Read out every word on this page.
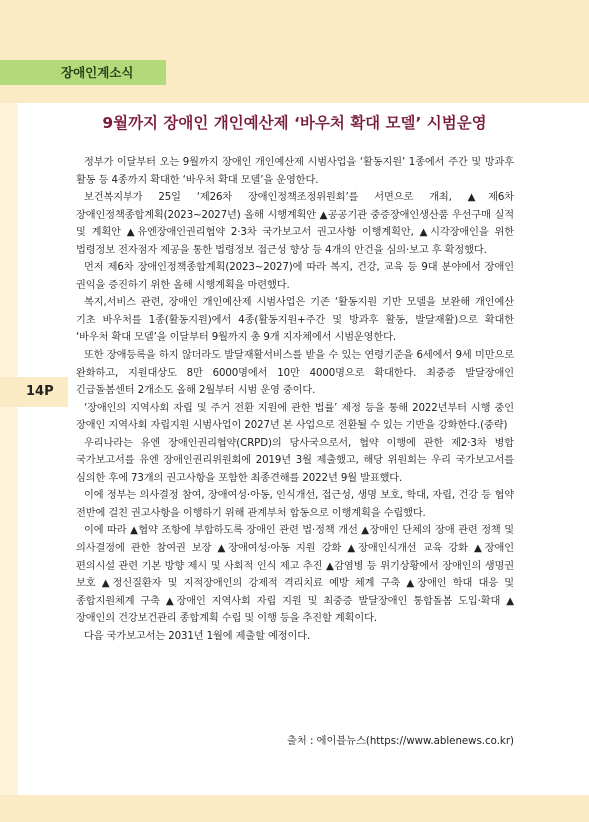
장애인계소식
14P
9월까지 장애인 개인예산제 ‘바우처 확대 모델’ 시범운영

정부가 이달부터 오는 9월까지 장애인 개인예산제 시범사업을 ‘활동지원’ 1종에서 주간 및 방과후 활동 등 4종까지 확대한 ‘바우처 확대 모델’을 운영한다.

보건복지부가 25일 ‘제26차 장애인정책조정위원회’를 서면으로 개최, ▲제6차 장애인정책종합계획(2023~2027년) 올해 시행계획안 ▲공공기관 중증장애인생산품 우선구매 실적 및 계획안 ▲유엔장애인권리협약 2·3차 국가보고서 권고사항 이행계획안, ▲시각장애인을 위한 법령정보 전자점자 제공을 통한 법령정보 접근성 향상 등 4개의 안건을 심의·보고 후 확정했다.

먼저 제6차 장애인정책종합계획(2023~2027)에 따라 복지, 건강, 교육 등 9대 분야에서 장애인 권익을 증진하기 위한 올해 시행계획을 마련했다.

복지,서비스 관련, 장애인 개인예산제 시범사업은 기존 ‘활동지원 기반 모델을 보완해 개인예산 기초 바우처를 1종(활동지원)에서 4종(활동지원+주간 및 방과후 활동, 발달재활)으로 확대한 ‘바우처 확대 모델’을 이달부터 9월까지 총 9개 지자체에서 시범운영한다.

또한 장애등록을 하지 않더라도 발달재활서비스를 받을 수 있는 연령기준을 6세에서 9세 미만으로 완화하고, 지원대상도 8만 6000명에서 10만 4000명으로 확대한다. 최중증 발달장애인 긴급돌봄센터 2개소도 올해 2월부터 시범 운영 중이다.

‘장애인의 지역사회 자립 및 주거 전환 지원에 관한 법률’ 제정 등을 통해 2022년부터 시행 중인 장애인 지역사회 자립지원 시범사업이 2027년 본 사업으로 전환될 수 있는 기반을 강화한다.(중략)

우리나라는 유엔 장애인권리협약(CRPD)의 당사국으로서, 협약 이행에 관한 제2·3차 병합 국가보고서를 유엔 장애인권리위원회에 2019년 3월 제출했고, 해당 위원회는 우리 국가보고서를 심의한 후에 73개의 권고사항을 포함한 최종견해를 2022년 9월 발표했다.

이에 정부는 의사결정 참여, 장애여성·아동, 인식개선, 접근성, 생명 보호, 학대, 자립, 건강 등 협약 전반에 걸친 권고사항을 이행하기 위해 관계부처 합동으로 이행계획을 수립했다.

이에 따라 ▲협약 조항에 부합하도록 장애인 관련 법·정책 개선 ▲장애인 단체의 장애 관련 정책 및 의사결정에 관한 참여권 보장 ▲장애여성·아동 지원 강화 ▲장애인식개선 교육 강화 ▲장애인 편의시설 관련 기본 방향 제시 및 사회적 인식 제고 추진 ▲감염병 등 위기상황에서 장애인의 생명권 보호 ▲정신질환자 및 지적장애인의 강제적 격리치료 예방 체계 구축 ▲장애인 학대 대응 및 종합지원체계 구축 ▲장애인 지역사회 자립 지원 및 최중증 발달장애인 통합돌봄 도입·확대 ▲장애인의 건강보건관리 종합계획 수립 및 이행 등을 추진할 계획이다.

다음 국가보고서는 2031년 1월에 제출할 예정이다.

출처 : 에이블뉴스(https://www.ablenews.co.kr)
